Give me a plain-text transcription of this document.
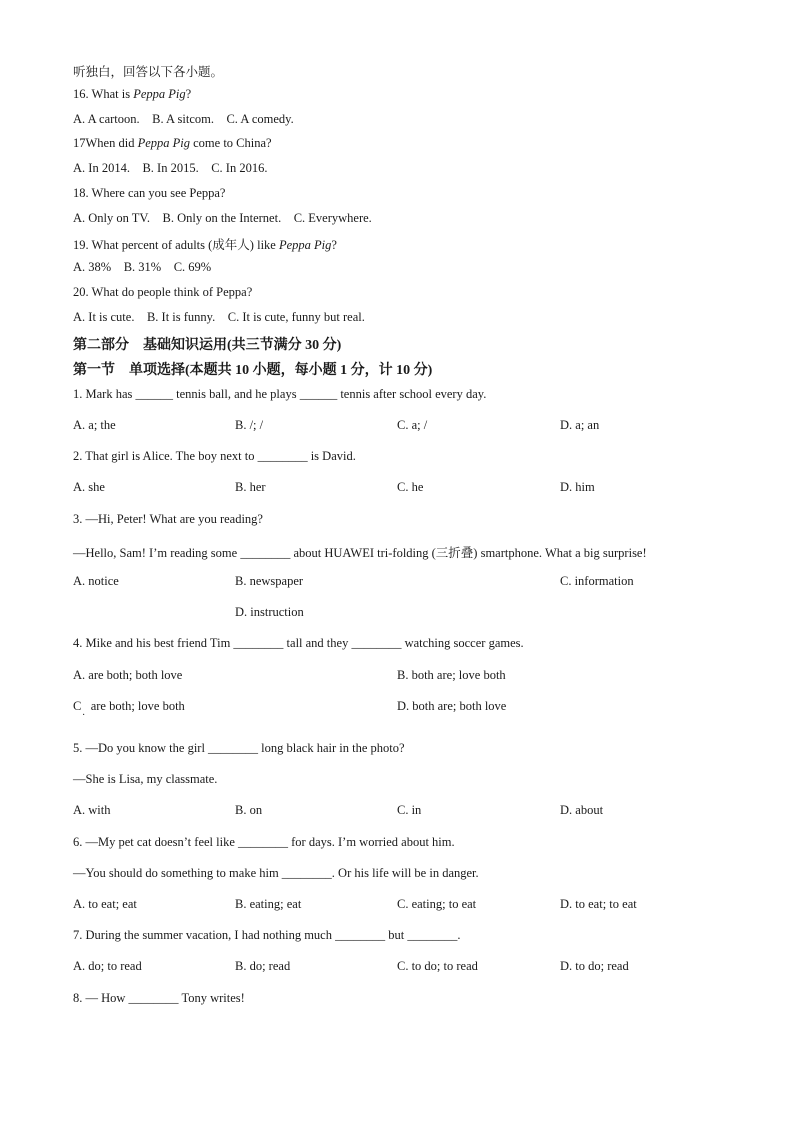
听独白，回答以下各小题。
16. What is Peppa Pig?
A. A cartoon.    B. A sitcom.    C. A comedy.
17When did Peppa Pig come to China?
A. In 2014.    B. In 2015.    C. In 2016.
18. Where can you see Peppa?
A. Only on TV.    B. Only on the Internet.    C. Everywhere.
19. What percent of adults (成年人) like Peppa Pig?
A. 38%    B. 31%    C. 69%
20. What do people think of Peppa?
A. It is cute.    B. It is funny.    C. It is cute, funny but real.
第二部分　基础知识运用(共三节满分 30 分)
第一节　单项选择(本题共 10 小题，每小题 1 分，计 10 分)
1. Mark has ______ tennis ball, and he plays ______ tennis after school every day.
A. a; the	B. /; /	C. a; /	D. a; an
2. That girl is Alice. The boy next to ________ is David.
A. she	B. her	C. he	D. him
3. —Hi, Peter! What are you reading?
—Hello, Sam! I’m reading some ________ about HUAWEI tri-folding (三折叠) smartphone. What a big surprise!
A. notice	B. newspaper	C. information
D. instruction
4. Mike and his best friend Tim ________ tall and they ________ watching soccer games.
A. are both; both love	B. both are; love both
C   are both; love both
·
D. both are; both love
5. —Do you know the girl ________ long black hair in the photo?
—She is Lisa, my classmate.
A. with	B. on	C. in	D. about
6. —My pet cat doesn’t feel like ________ for days. I’m worried about him.
—You should do something to make him ________. Or his life will be in danger.
A. to eat; eat	B. eating; eat	C. eating; to eat	D. to eat; to eat
7. During the summer vacation, I had nothing much ________ but ________.
A. do; to read	B. do; read	C. to do; to read	D. to do; read
8. — How ________ Tony writes!
